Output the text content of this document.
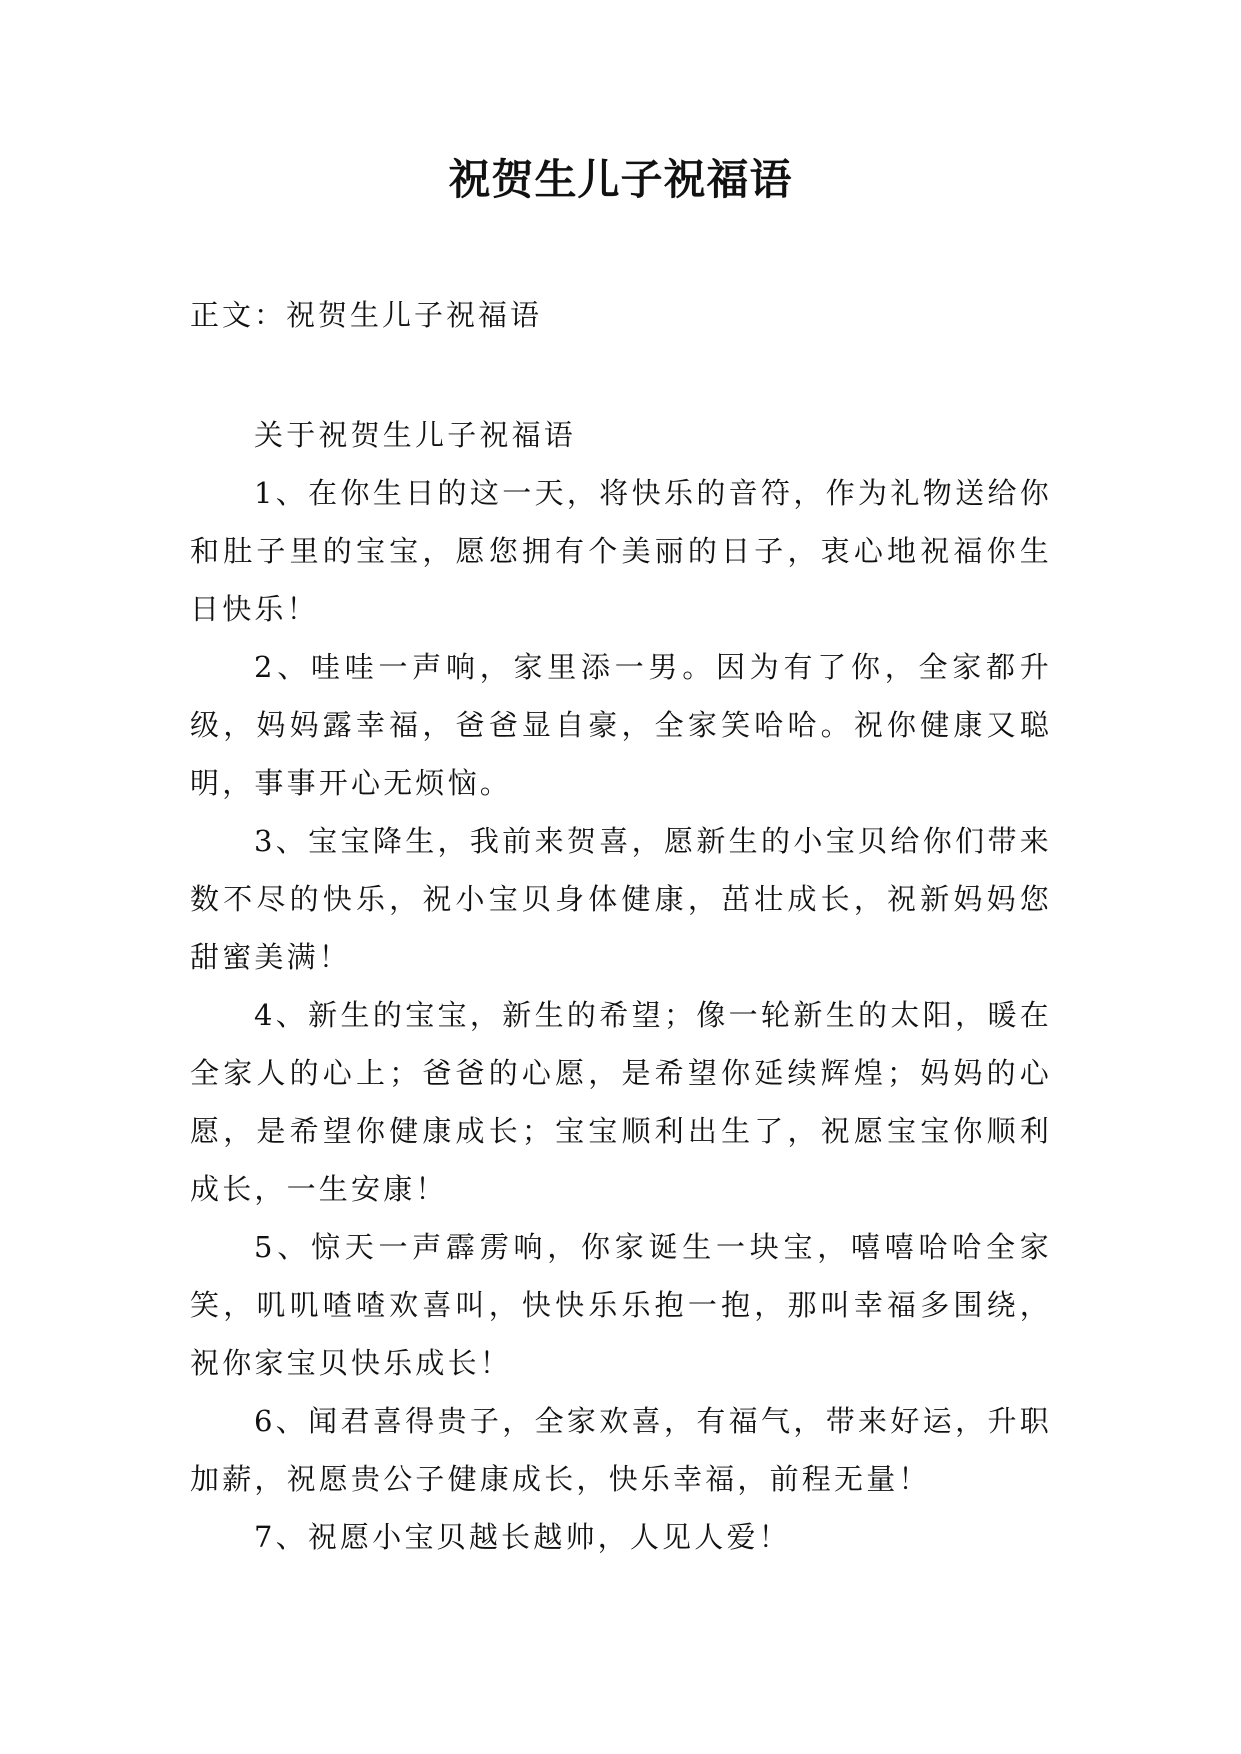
祝贺生儿子祝福语

正文：祝贺生儿子祝福语

关于祝贺生儿子祝福语

1、在你生日的这一天，将快乐的音符，作为礼物送给你和肚子里的宝宝，愿您拥有个美丽的日子，衷心地祝福你生日快乐！

2、哇哇一声响，家里添一男。因为有了你，全家都升级，妈妈露幸福，爸爸显自豪，全家笑哈哈。祝你健康又聪明，事事开心无烦恼。

3、宝宝降生，我前来贺喜，愿新生的小宝贝给你们带来数不尽的快乐，祝小宝贝身体健康，茁壮成长，祝新妈妈您甜蜜美满！

4、新生的宝宝，新生的希望；像一轮新生的太阳，暖在全家人的心上；爸爸的心愿，是希望你延续辉煌；妈妈的心愿，是希望你健康成长；宝宝顺利出生了，祝愿宝宝你顺利成长，一生安康！

5、惊天一声霹雳响，你家诞生一块宝，嘻嘻哈哈全家笑，叽叽喳喳欢喜叫，快快乐乐抱一抱，那叫幸福多围绕，祝你家宝贝快乐成长！

6、闻君喜得贵子，全家欢喜，有福气，带来好运，升职加薪，祝愿贵公子健康成长，快乐幸福，前程无量！

7、祝愿小宝贝越长越帅，人见人爱！
